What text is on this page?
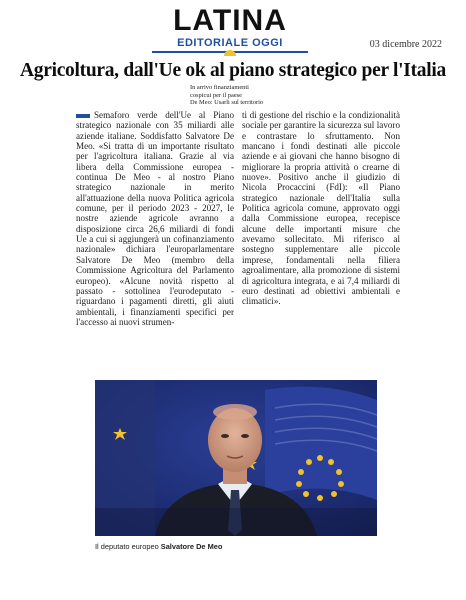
LATINA
EDITORIALE OGGI	03 dicembre 2022
Agricoltura, dall'Ue ok al piano strategico per l'Italia
In arrivo finanziamenti
cospicui per il paese
De Meo: Usarli sul territorio
Semaforo verde dell'Ue al Piano strategico nazionale con 35 miliardi alle aziende italiane. Soddisfatto Salvatore De Meo. «Si tratta di un importante risultato per l'agricoltura italiana. Grazie al via libera della Commissione europea - continua De Meo - al nostro Piano strategico nazionale in merito all'attuazione della nuova Politica agricola comune, per il periodo 2023 - 2027, le nostre aziende agricole avranno a disposizione circa 26,6 miliardi di fondi Ue a cui si aggiungerà un cofinanziamento nazionale» dichiara l'europarlamentare Salvatore De Meo (membro della Commissione Agricoltura del Parlamento europeo). «Alcune novità rispetto al passato - sottolinea l'eurodeputato - riguardano i pagamenti diretti, gli aiuti ambientali, i finanziamenti specifici per l'accesso ai nuovi strumen-
ti di gestione del rischio e la condizionalità sociale per garantire la sicurezza sul lavoro e contrastare lo sfruttamento. Non mancano i fondi destinati alle piccole aziende e ai giovani che hanno bisogno di migliorare la propria attività o crearne di nuove». Positivo anche il giudizio di Nicola Procaccini (FdI): «Il Piano strategico nazionale dell'Italia sulla Politica agricola comune, approvato oggi dalla Commissione europea, recepisce alcune delle importanti misure che avevamo sollecitato. Mi riferisco al sostegno supplementare alle piccole imprese, fondamentali nella filiera agroalimentare, alla promozione di sistemi di agricoltura integrata, e ai 7,4 miliardi di euro destinati ad obiettivi ambientali e climatici».
Il deputato europeo Salvatore De Meo
